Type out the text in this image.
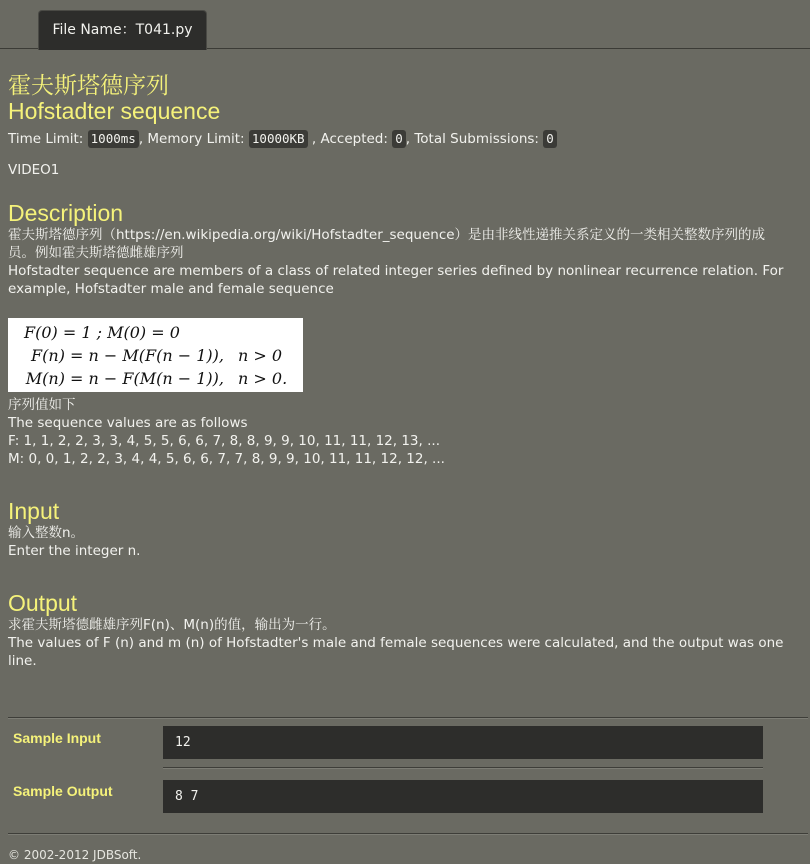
File Name：T041.py
霍夫斯塔德序列
Hofstadter sequence
Time Limit: 1000ms , Memory Limit: 10000KB , Accepted: 0 , Total Submissions: 0
VIDEO1
Description
霍夫斯塔德序列（https://en.wikipedia.org/wiki/Hofstadter_sequence）是由非线性递推关系定义的一类相关整数序列的成
员。例如霍夫斯塔德雌雄序列
Hofstadter sequence are members of a class of related integer series defined by nonlinear recurrence relation. For
example, Hofstadter male and female sequence
F(0) = 1 ; M(0) = 0
F(n) = n − M(F(n − 1)), n > 0
M(n) = n − F(M(n − 1)), n > 0.
序列值如下
The sequence values are as follows
F: 1, 1, 2, 2, 3, 3, 4, 5, 5, 6, 6, 7, 8, 8, 9, 9, 10, 11, 11, 12, 13, ...
M: 0, 0, 1, 2, 2, 3, 4, 4, 5, 6, 6, 7, 7, 8, 9, 9, 10, 11, 11, 12, 12, ...
Input
输入整数n。
Enter the integer n.
Output
求霍夫斯塔德雌雄序列F(n)、M(n)的值，输出为一行。
The values of F (n) and m (n) of Hofstadter's male and female sequences were calculated, and the output was one
line.
Sample Input	12
Sample Output	8 7
© 2002-2012 JDBSoft.
